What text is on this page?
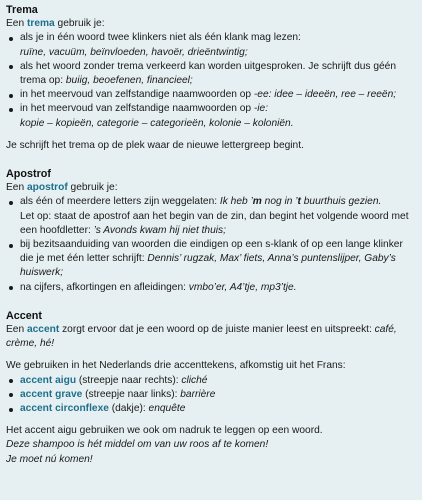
Trema

Een trema gebruik je:

als je in één woord twee klinkers niet als één klank mag lezen:
ruïne, vacuüm, beïnvloeden, havoër, drieëntwintig;
als het woord zonder trema verkeerd kan worden uitgesproken. Je schrijft dus géén trema op: buiig, beoefenen, financieel;
in het meervoud van zelfstandige naamwoorden op -ee: idee – ideeën, ree – reeën;
in het meervoud van zelfstandige naamwoorden op -ie:
kopie – kopieën, categorie – categorieën, kolonie – koloniën.

Je schrijft het trema op de plek waar de nieuwe lettergreep begint.

Apostrof

Een apostrof gebruik je:

als één of meerdere letters zijn weggelaten: Ik heb ’m nog in ’t buurthuis gezien.
Let op: staat de apostrof aan het begin van de zin, dan begint het volgende woord met een hoofdletter: ’s Avonds kwam hij niet thuis;
bij bezitsaanduiding van woorden die eindigen op een s-klank of op een lange klinker die je met één letter schrijft: Dennis’ rugzak, Max’ fiets, Anna’s puntenslijper, Gaby’s huiswerk;
na cijfers, afkortingen en afleidingen: vmbo’er, A4’tje, mp3’tje.
Accent

Een accent zorgt ervoor dat je een woord op de juiste manier leest en uitspreekt: café, crème, hé!

We gebruiken in het Nederlands drie accenttekens, afkomstig uit het Frans:

accent aigu (streepje naar rechts): cliché
accent grave (streepje naar links): barrière
accent circonflexe (dakje): enquête

Het accent aigu gebruiken we ook om nadruk te leggen op een woord.

Deze shampoo is hét middel om van uw roos af te komen!

Je moet nú komen!
